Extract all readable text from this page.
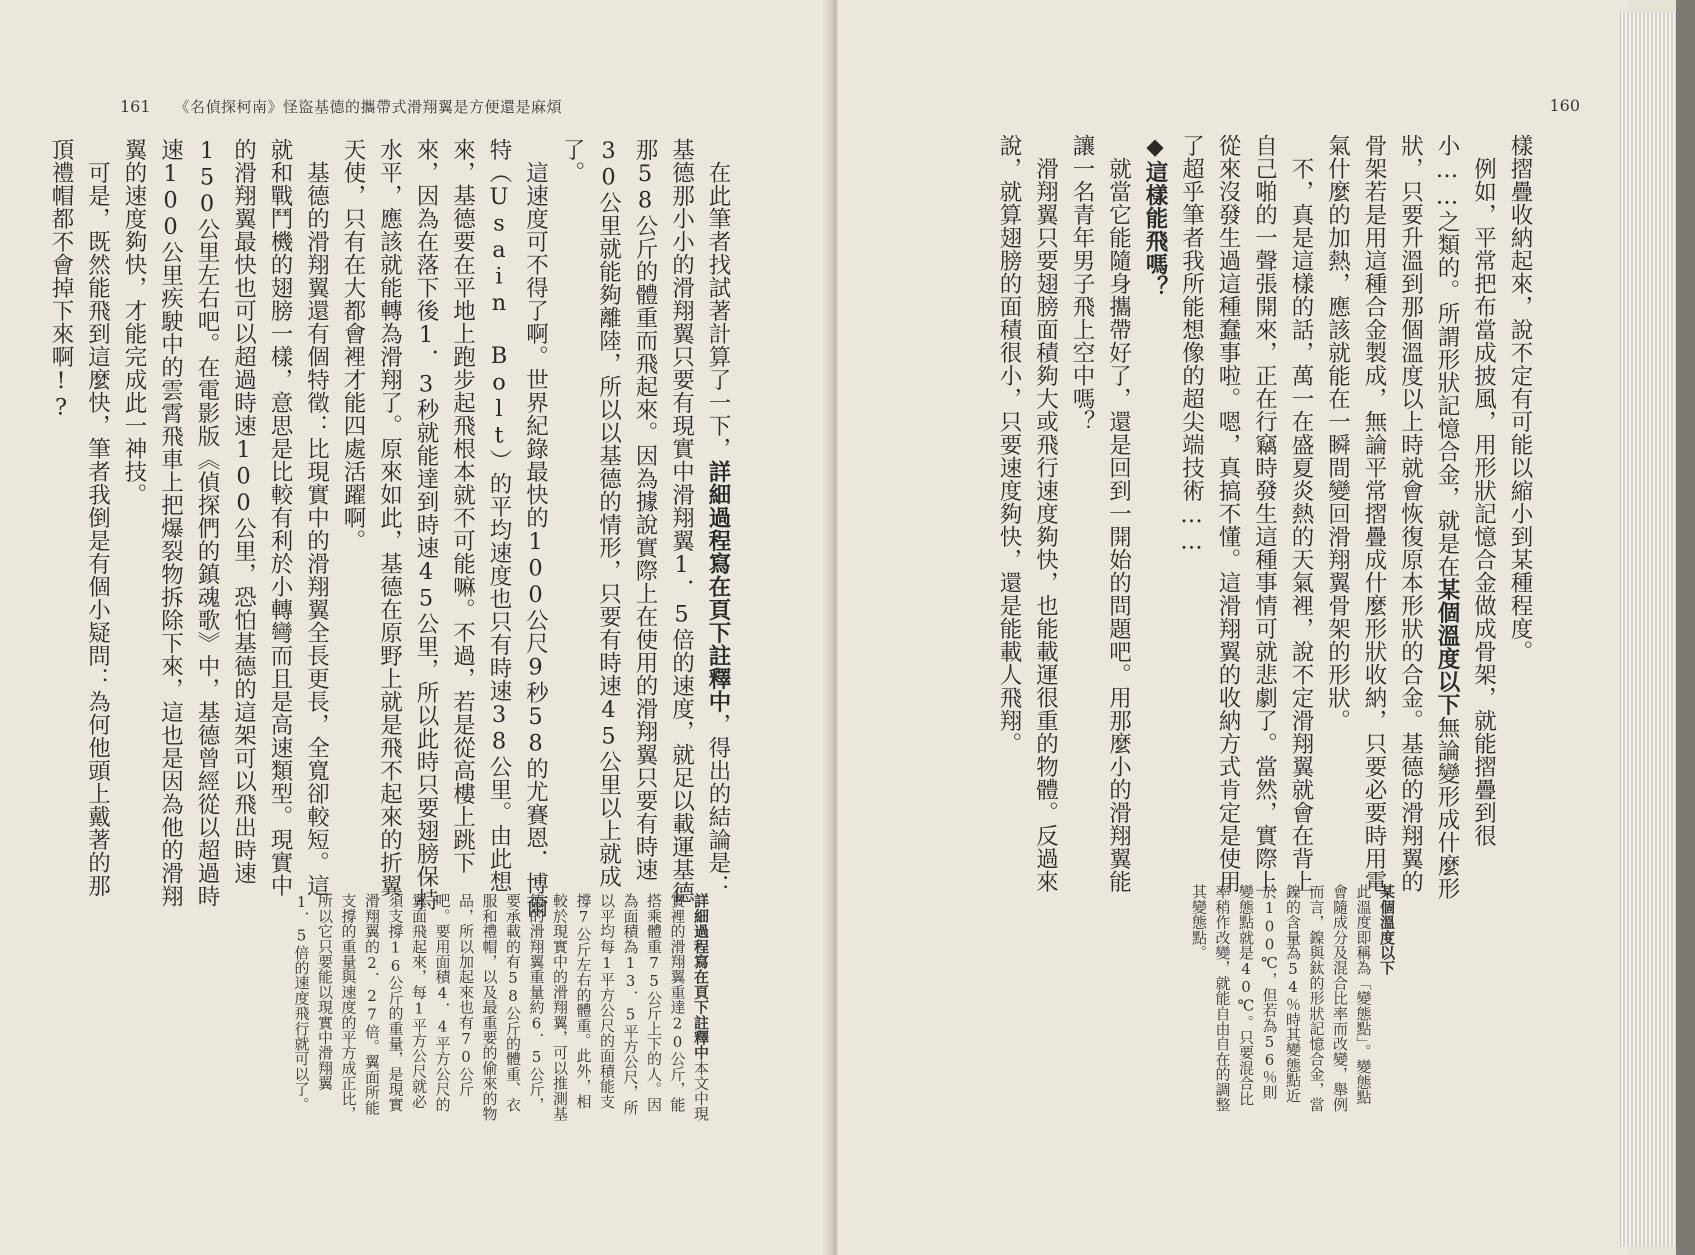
161 《名偵探柯南》怪盜基德的攜帶式滑翔翼是方便還是麻煩

在此筆者找試著計算了一下，詳細過程寫在頁下註釋中，得出的結論是：基德那小小的滑翔翼只要有現實中滑翔翼1．5倍的速度，就足以載運基德那58公斤的體重而飛起來。因為據說實際上在使用的滑翔翼只要有時速30公里就能夠離陸，所以以基德的情形，只要有時速45公里以上就成了。

這速度可不得了啊。世界紀錄最快的100公尺9秒58的尤賽恩．博爾特（Usain Bolt）的平均速度也只有時速38公里。由此想來，基德要在平地上跑步起飛根本就不可能嘛。不過，若是從高樓上跳下來，因為在落下後1．3秒就能達到時速45公里，所以此時只要翅膀保持水平，應該就能轉為滑翔了。原來如此，基德在原野上就是飛不起來的折翼天使，只有在大都會裡才能四處活躍啊。

基德的滑翔翼還有個特徵：比現實中的滑翔翼全長更長，全寬卻較短。這就和戰鬥機的翅膀一樣，意思是比較有利於小轉彎而且是高速類型。現實中的滑翔翼最快也可以超過時速100公里，恐怕基德的這架可以飛出時速150公里左右吧。在電影版《偵探們的鎮魂歌》中，基德曾經從以超過時速100公里疾駛中的雲霄飛車上把爆裂物拆除下來，這也是因為他的滑翔翼的速度夠快，才能完成此一神技。

可是，既然能飛到這麼快，筆者我倒是有個小疑問：為何他頭上戴著的那頂禮帽都不會掉下來啊!?

詳細過程寫在頁下註釋中本文中現實裡的滑翔翼重達20公斤，能搭乘體重75公斤上下的人。因為面積為13．5平方公尺，所以平均每1平方公尺的面積能支撐7公斤左右的體重。此外，相較於現實中的滑翔翼，可以推測基德的滑翔翼重量約6．5公斤，要承載的有58公斤的體重、衣服和禮帽，以及最重要的偷來的物品，所以加起來也有70公斤吧。要用面積4．4平方公尺的翼面飛起來，每1平方公尺就必須支撐16公斤的重量，是現實滑翔翼的2．27倍。翼面所能支撐的重量與速度的平方成正比，所以它只要能以現實中滑翔翼1．5倍的速度飛行就可以了。

160

樣摺疊收納起來，說不定有可能以縮小到某種程度。

例如，平常把布當成披風，用形狀記憶合金做成骨架，就能摺疊到很小……之類的。所謂形狀記憶合金，就是在某個溫度以下無論變形成什麼形狀，只要升溫到那個溫度以上時就會恢復原本形狀的合金。基德的滑翔翼的骨架若是用這種合金製成，無論平常摺疊成什麼形狀收納，只要必要時用電氣什麼的加熱，應該就能在一瞬間變回滑翔翼骨架的形狀。

不，真是這樣的話，萬一在盛夏炎熱的天氣裡，說不定滑翔翼就會在背上自己啪的一聲張開來，正在行竊時發生這種事情可就悲劇了。當然，實際上從來沒發生過這種蠢事啦。嗯，真搞不懂。這滑翔翼的收納方式肯定是使用了超乎筆者我所能想像的超尖端技術……

◆這樣能飛嗎？

就當它能隨身攜帶好了，還是回到一開始的問題吧。用那麼小的滑翔翼能讓一名青年男子飛上空中嗎？

滑翔翼只要翅膀面積夠大或飛行速度夠快，也能載運很重的物體。反過來說，就算翅膀的面積很小，只要速度夠快，還是能載人飛翔。

某個溫度以下

此溫度即稱為「變態點」。變態點會隨成分及混合比率而改變，舉例而言，鎳與鈦的形狀記憶合金，當鎳的含量為54％時其變態點近於100℃，但若為56％則變態點就是40℃。只要混合比率稍作改變，就能自由自在的調整其變態點。
